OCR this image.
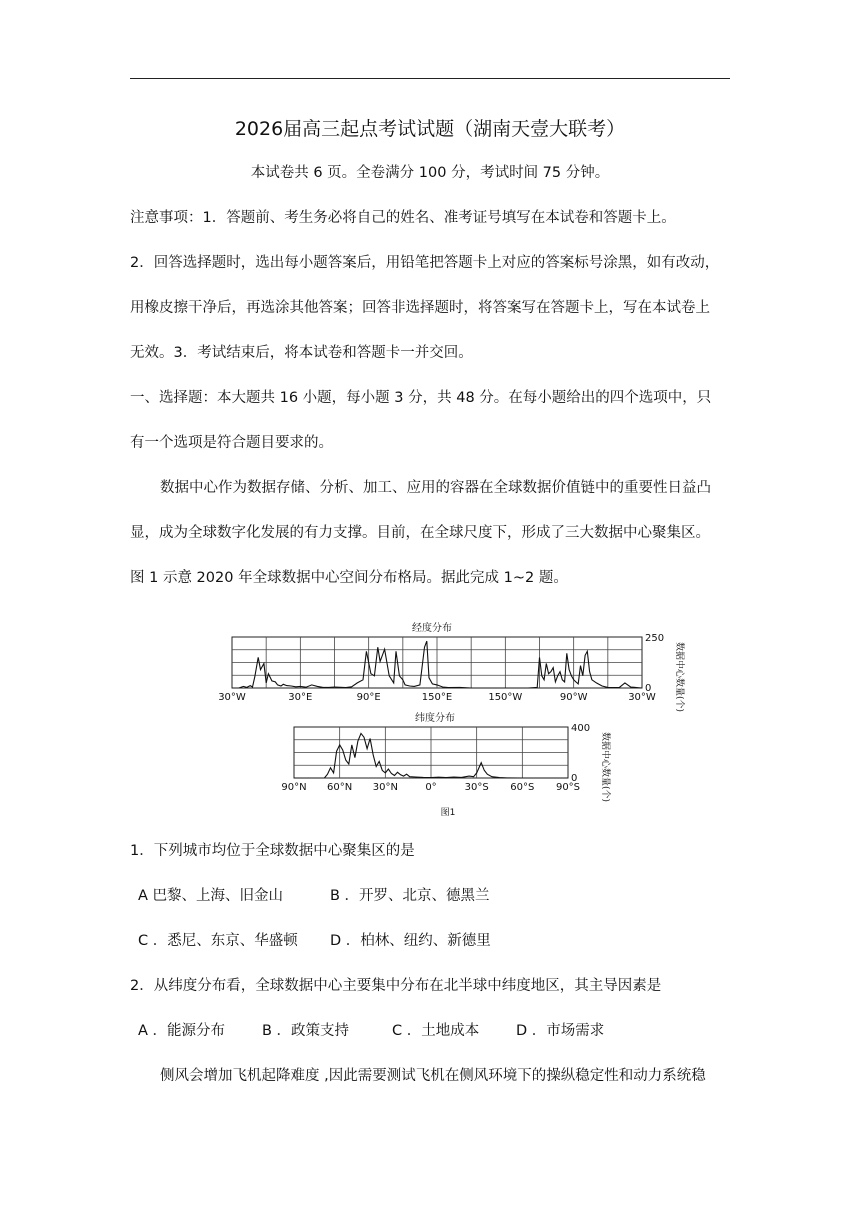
2026届高三起点考试试题（湖南天壹大联考）
本试卷共 6 页。全卷满分 100 分，考试时间 75 分钟。
注意事项：1．答题前、考生务必将自己的姓名、准考证号填写在本试卷和答题卡上。
2．回答选择题时，选出每小题答案后，用铅笔把答题卡上对应的答案标号涂黑，如有改动，
用橡皮擦干净后，再选涂其他答案；回答非选择题时，将答案写在答题卡上，写在本试卷上
无效。3．考试结束后，将本试卷和答题卡一并交回。
一、选择题：本大题共 16 小题，每小题 3 分，共 48 分。在每小题给出的四个选项中，只
有一个选项是符合题目要求的。
数据中心作为数据存储、分析、加工、应用的容器在全球数据价值链中的重要性日益凸
显，成为全球数字化发展的有力支撑。目前，在全球尺度下，形成了三大数据中心聚集区。
图 1 示意 2020 年全球数据中心空间分布格局。据此完成 1~2 题。
经度分布
250
0	数据中心数量(个)
30°W	30°E	90°E	150°E	150°W	90°W	30°W
纬度分布
400
0	数据中心数量(个)
90°N 60°N 30°N	0°	30°S 60°S 90°S
图1
1．下列城市均位于全球数据中心聚集区的是
A 巴黎、上海、旧金山	B ．开罗、北京、德黑兰
C ．悉尼、东京、华盛顿 D ．柏林、纽约、新德里
2．从纬度分布看，全球数据中心主要集中分布在北半球中纬度地区，其主导因素是
A ．能源分布	B ．政策支持	C ．土地成本	D ．市场需求
侧风会增加飞机起降难度 ,因此需要测试飞机在侧风环境下的操纵稳定性和动力系统稳
